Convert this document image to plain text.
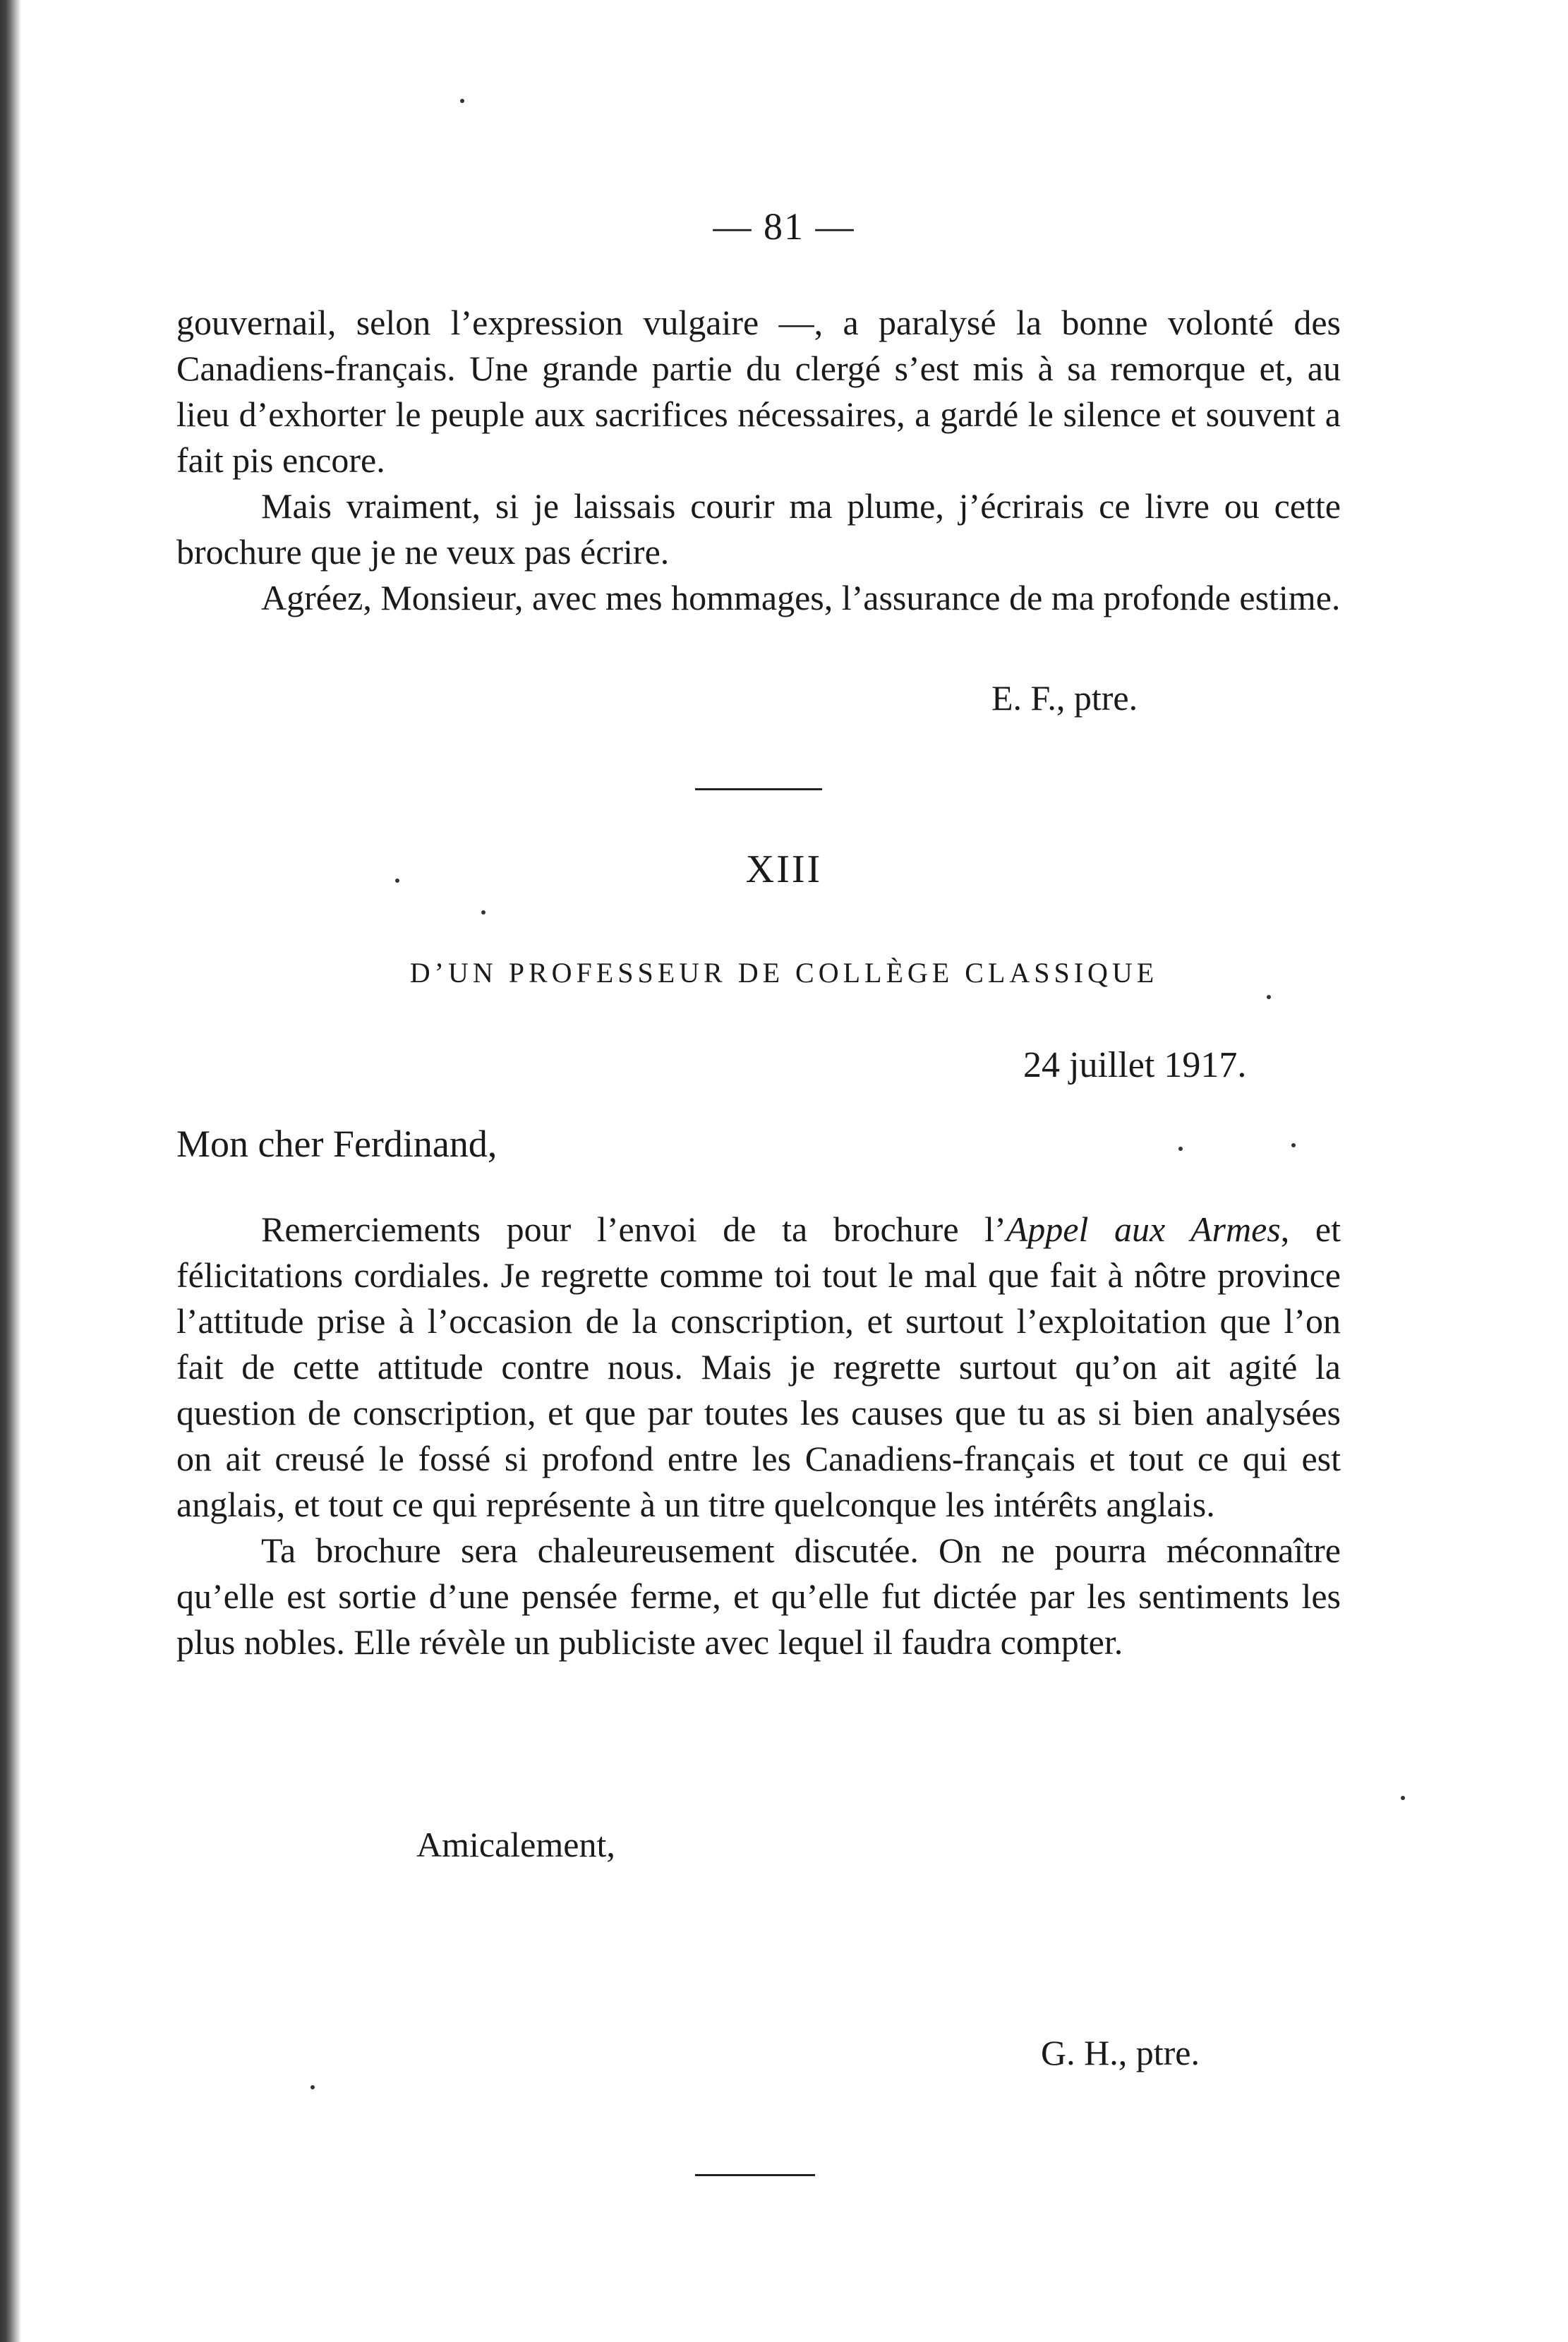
— 81 —

gouvernail, selon l’expression vulgaire —, a paralysé la bonne volonté des Canadiens-français. Une grande partie du clergé s’est mis à sa remorque et, au lieu d’exhorter le peuple aux sacrifices nécessaires, a gardé le silence et souvent a fait pis encore.

Mais vraiment, si je laissais courir ma plume, j’écrirais ce livre ou cette brochure que je ne veux pas écrire.

Agréez, Monsieur, avec mes hommages, l’assurance de ma profonde estime.

E. F., ptre.
XIII
D’UN PROFESSEUR DE COLLÈGE CLASSIQUE
24 juillet 1917.
Mon cher Ferdinand,

Remerciements pour l’envoi de ta brochure l’Appel aux Armes, et félicitations cordiales. Je regrette comme toi tout le mal que fait à nôtre province l’attitude prise à l’occasion de la conscription, et surtout l’exploitation que l’on fait de cette attitude contre nous. Mais je regrette surtout qu’on ait agité la question de conscription, et que par toutes les causes que tu as si bien analysées on ait creusé le fossé si profond entre les Canadiens-français et tout ce qui est anglais, et tout ce qui représente à un titre quelconque les intérêts anglais.

Ta brochure sera chaleureusement discutée. On ne pourra méconnaître qu’elle est sortie d’une pensée ferme, et qu’elle fut dictée par les sentiments les plus nobles. Elle révèle un publiciste avec lequel il faudra compter.

Amicalement,
G. H., ptre.
